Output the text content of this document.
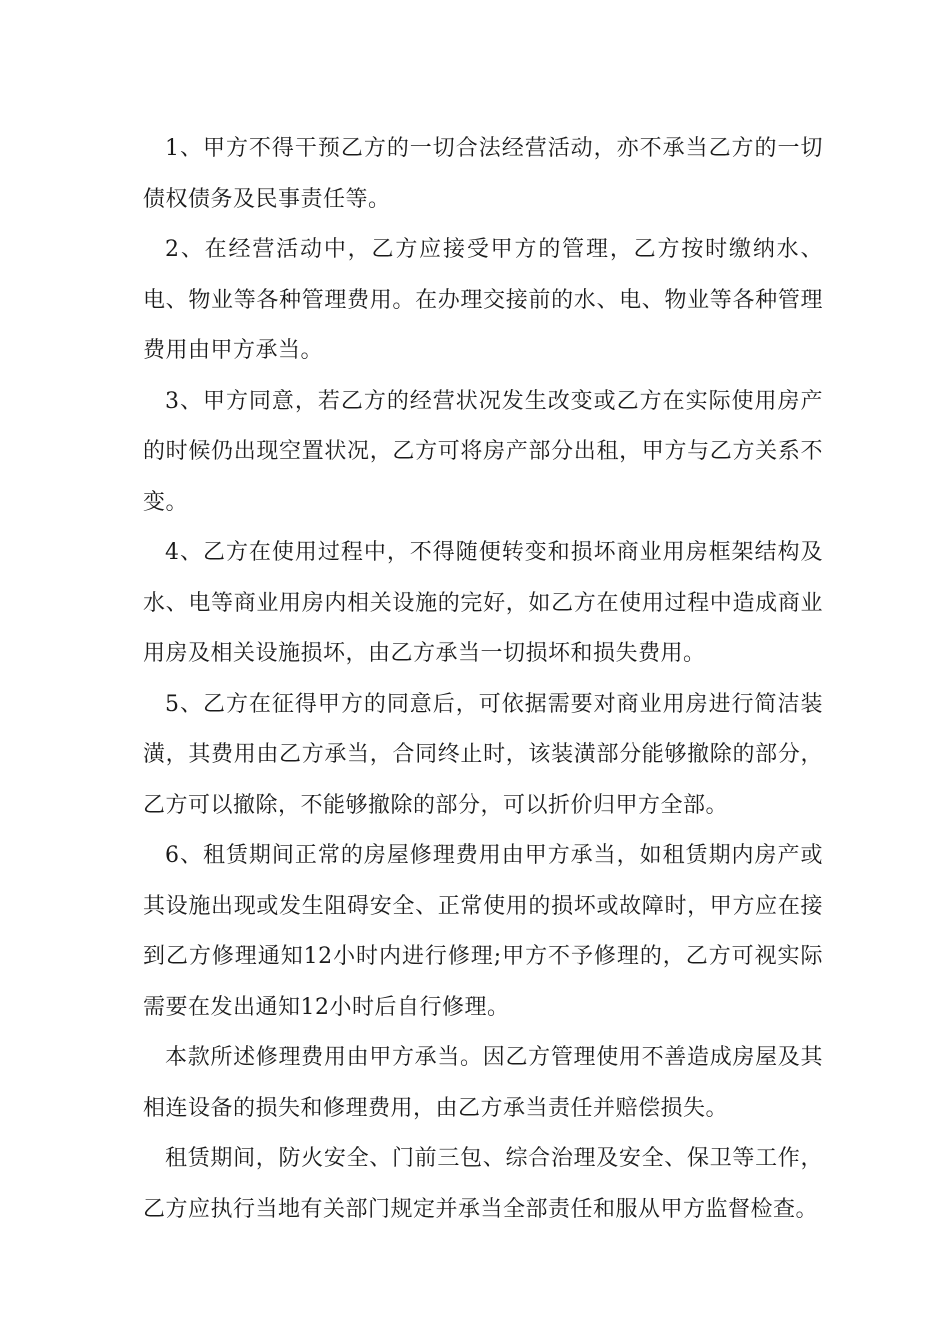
1、甲方不得干预乙方的一切合法经营活动，亦不承当乙方的一切债权债务及民事责任等。

2、在经营活动中，乙方应接受甲方的管理，乙方按时缴纳水、电、物业等各种管理费用。在办理交接前的水、电、物业等各种管理费用由甲方承当。

3、甲方同意，若乙方的经营状况发生改变或乙方在实际使用房产的时候仍出现空置状况，乙方可将房产部分出租，甲方与乙方关系不变。

4、乙方在使用过程中，不得随便转变和损坏商业用房框架结构及水、电等商业用房内相关设施的完好，如乙方在使用过程中造成商业用房及相关设施损坏，由乙方承当一切损坏和损失费用。

5、乙方在征得甲方的同意后，可依据需要对商业用房进行简洁装潢，其费用由乙方承当，合同终止时，该装潢部分能够撤除的部分，乙方可以撤除，不能够撤除的部分，可以折价归甲方全部。

6、租赁期间正常的房屋修理费用由甲方承当，如租赁期内房产或其设施出现或发生阻碍安全、正常使用的损坏或故障时，甲方应在接到乙方修理通知12小时内进行修理;甲方不予修理的，乙方可视实际需要在发出通知12小时后自行修理。

本款所述修理费用由甲方承当。因乙方管理使用不善造成房屋及其相连设备的损失和修理费用，由乙方承当责任并赔偿损失。

租赁期间，防火安全、门前三包、综合治理及安全、保卫等工作，乙方应执行当地有关部门规定并承当全部责任和服从甲方监督检查。
